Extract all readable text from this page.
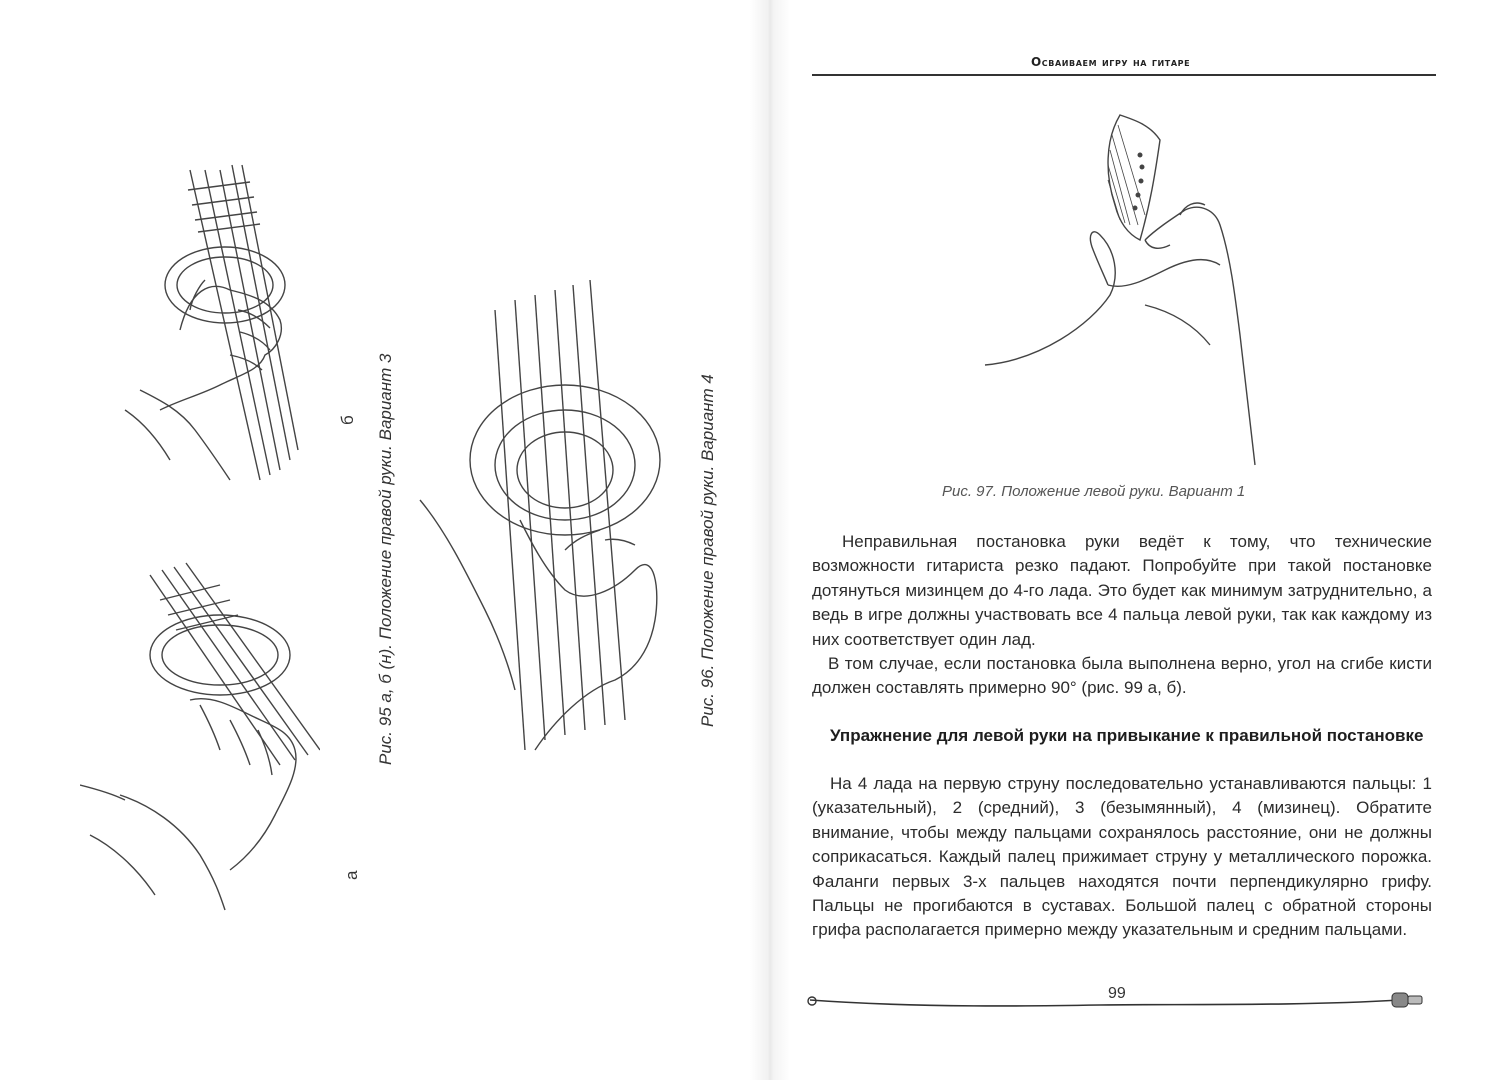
Рис. 95 а, б (н). Положение правой руки. Вариант 3
б
а
Рис. 96. Положение правой руки. Вариант 4
Осваиваем игру на гитаре
Рис. 97. Положение левой руки. Вариант 1
Неправильная постановка руки ведёт к тому, что технические возможности гитариста резко падают. Попробуйте при такой постановке дотянуться мизинцем до 4-го лада. Это будет как минимум затруднительно, а ведь в игре должны участвовать все 4 пальца левой руки, так как каждому из них соответствует один лад.
В том случае, если постановка была выполнена верно, угол на сгибе кисти должен составлять примерно 90° (рис. 99 а, б).
Упражнение для левой руки на привыкание к правильной постановке
На 4 лада на первую струну последовательно устанавливаются пальцы: 1 (указательный), 2 (средний), 3 (безымянный), 4 (мизинец). Обратите внимание, чтобы между пальцами сохранялось расстояние, они не должны соприкасаться. Каждый палец прижимает струну у металлического порожка. Фаланги первых 3-х пальцев находятся почти перпендикулярно грифу. Пальцы не прогибаются в суставах. Большой палец с обратной стороны грифа располагается примерно между указательным и средним пальцами.
99
